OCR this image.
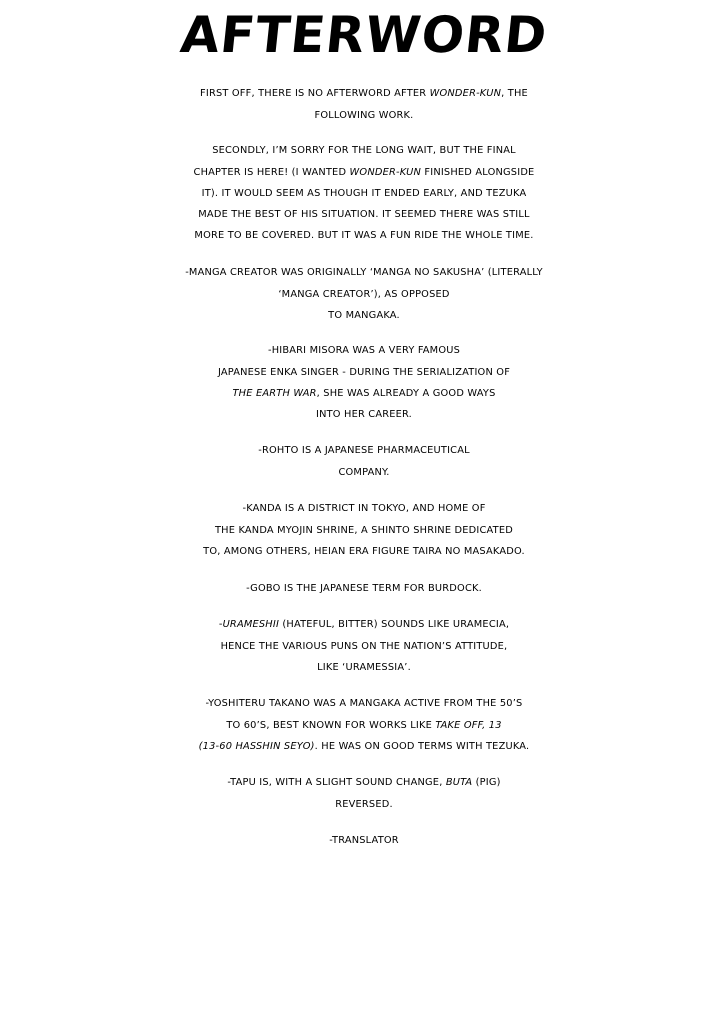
AFTERWORD
FIRST OFF, THERE IS NO AFTERWORD AFTER WONDER-KUN, THE
FOLLOWING WORK.
SECONDLY, I’M SORRY FOR THE LONG WAIT, BUT THE FINAL
CHAPTER IS HERE! (I WANTED WONDER-KUN FINISHED ALONGSIDE
IT). IT WOULD SEEM AS THOUGH IT ENDED EARLY, AND TEZUKA
MADE THE BEST OF HIS SITUATION. IT SEEMED THERE WAS STILL
MORE TO BE COVERED. BUT IT WAS A FUN RIDE THE WHOLE TIME.
-MANGA CREATOR WAS ORIGINALLY ‘MANGA NO SAKUSHA’ (LITERALLY
‘MANGA CREATOR’), AS OPPOSED
TO MANGAKA.
-HIBARI MISORA WAS A VERY FAMOUS
JAPANESE ENKA SINGER - DURING THE SERIALIZATION OF
THE EARTH WAR, SHE WAS ALREADY A GOOD WAYS
INTO HER CAREER.
-ROHTO IS A JAPANESE PHARMACEUTICAL
COMPANY.
-KANDA IS A DISTRICT IN TOKYO, AND HOME OF
THE KANDA MYOJIN SHRINE, A SHINTO SHRINE DEDICATED
TO, AMONG OTHERS, HEIAN ERA FIGURE TAIRA NO MASAKADO.
-GOBO IS THE JAPANESE TERM FOR BURDOCK.
-URAMESHII (HATEFUL, BITTER) SOUNDS LIKE URAMECIA,
HENCE THE VARIOUS PUNS ON THE NATION’S ATTITUDE,
LIKE ‘URAMESSIA’.
-YOSHITERU TAKANO WAS A MANGAKA ACTIVE FROM THE 50’S
TO 60’S, BEST KNOWN FOR WORKS LIKE TAKE OFF, 13
(13-60 HASSHIN SEYO). HE WAS ON GOOD TERMS WITH TEZUKA.
-TAPU IS, WITH A SLIGHT SOUND CHANGE, BUTA (PIG)
REVERSED.
-TRANSLATOR
